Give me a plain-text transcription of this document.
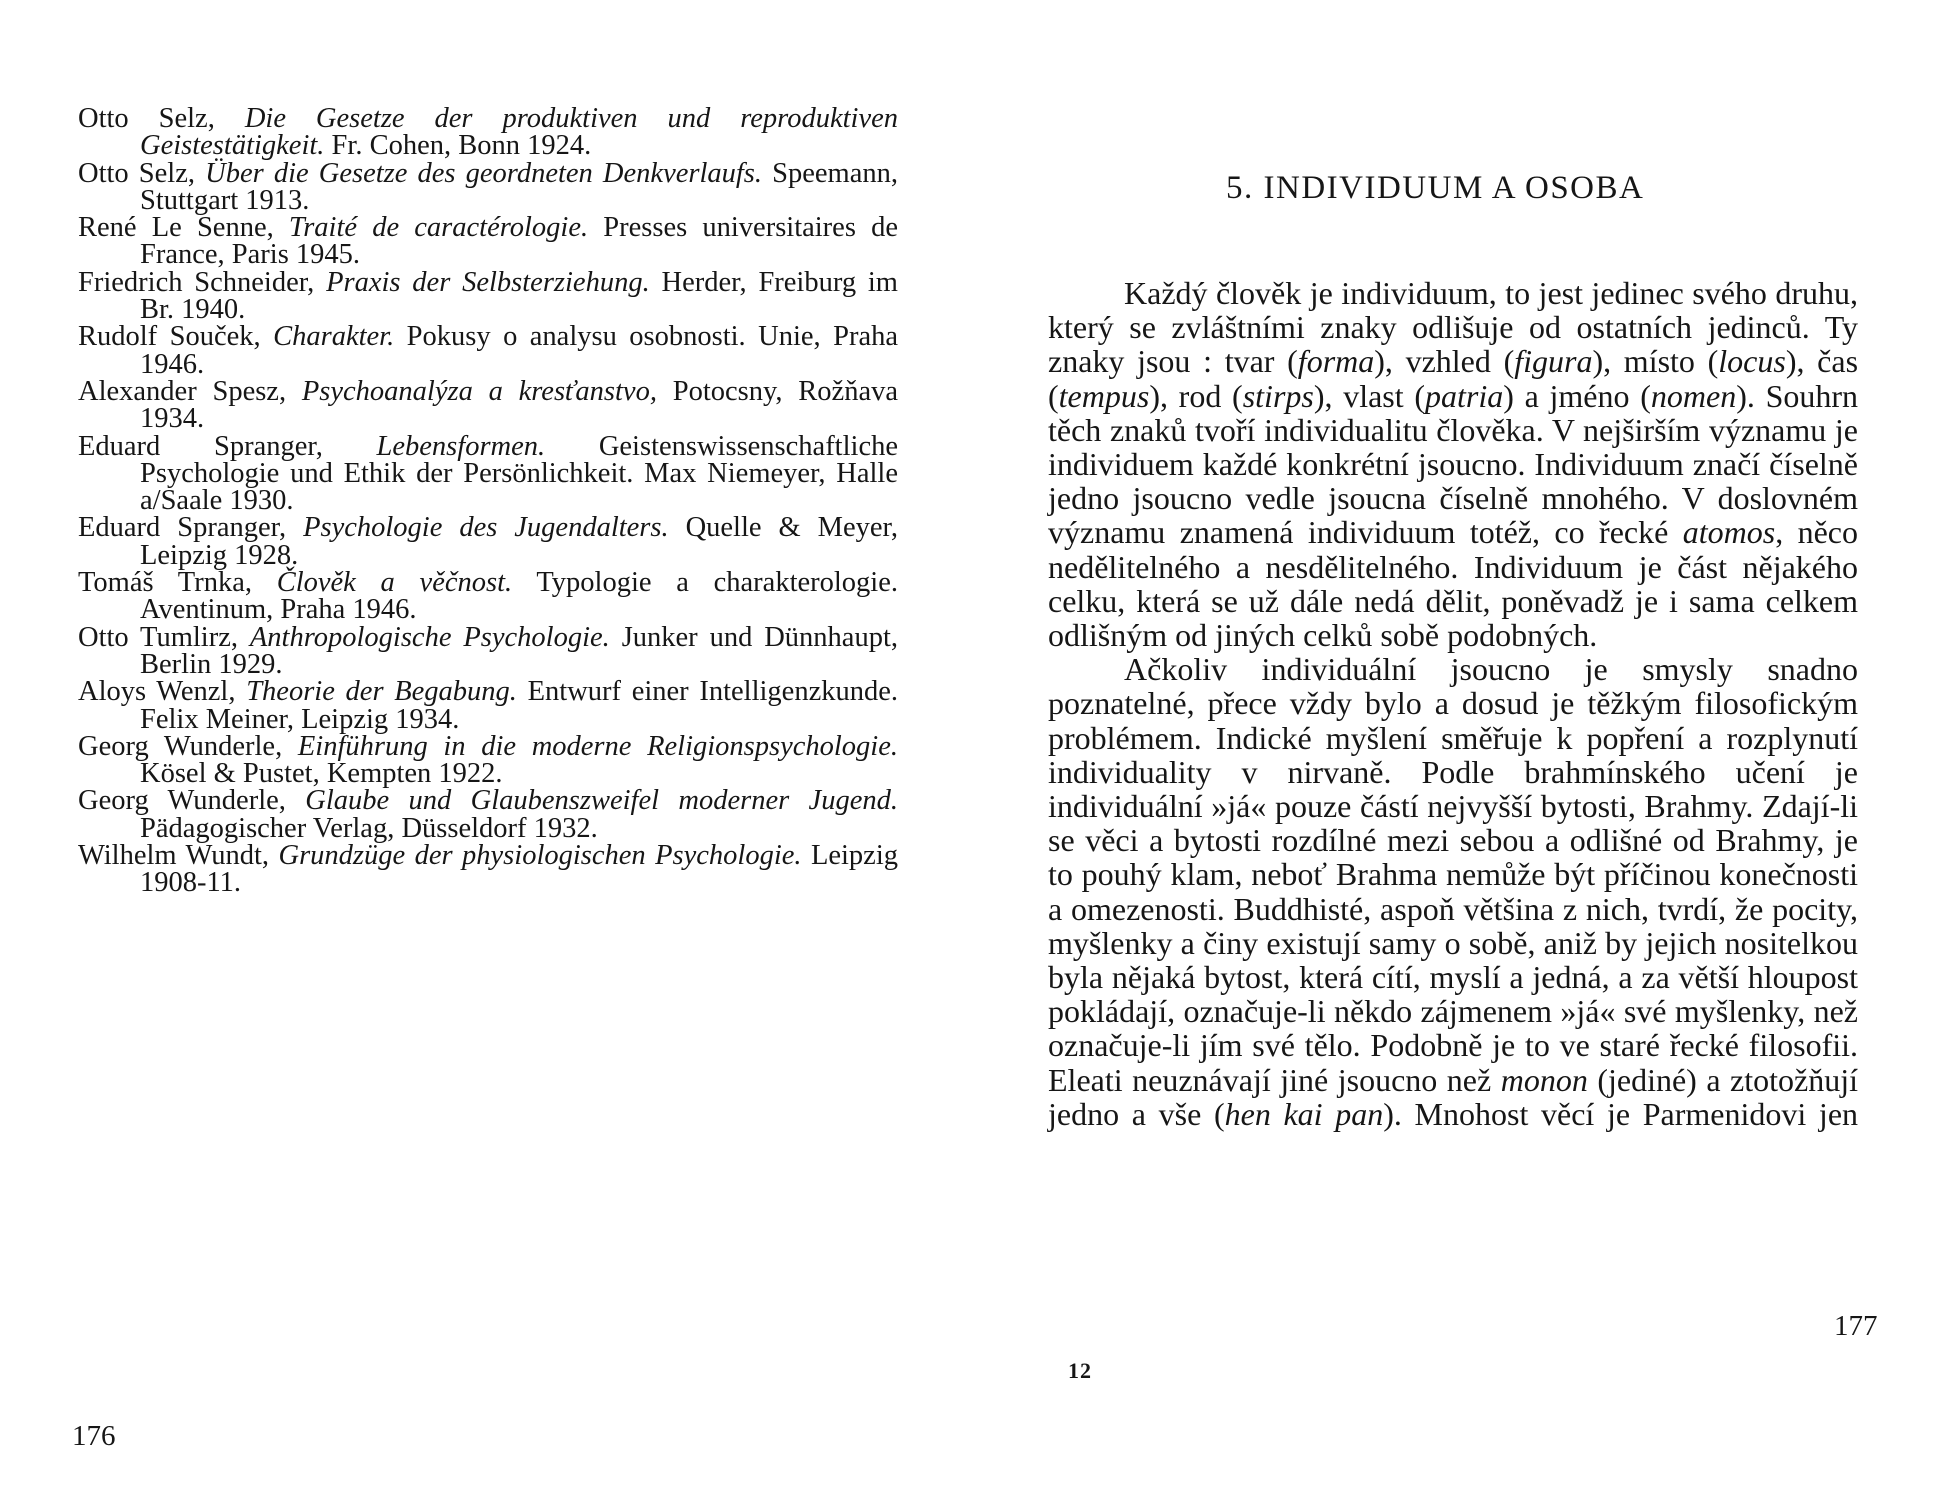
Otto Selz, Die Gesetze der produktiven und reproduktiven Geistestätigkeit. Fr. Cohen, Bonn 1924.
Otto Selz, Über die Gesetze des geordneten Denkverlaufs. Speemann, Stuttgart 1913.
René Le Senne, Traité de caractérologie. Presses universitaires de France, Paris 1945.
Friedrich Schneider, Praxis der Selbsterziehung. Herder, Freiburg im Br. 1940.
Rudolf Souček, Charakter. Pokusy o analysu osobnosti. Unie, Praha 1946.
Alexander Spesz, Psychoanalýza a kresťanstvo, Potocsny, Rožňava 1934.
Eduard Spranger, Lebensformen. Geistenswissenschaftliche Psychologie und Ethik der Persönlichkeit. Max Niemeyer, Halle a/Saale 1930.
Eduard Spranger, Psychologie des Jugendalters. Quelle & Meyer, Leipzig 1928.
Tomáš Trnka, Člověk a věčnost. Typologie a charakterologie. Aventinum, Praha 1946.
Otto Tumlirz, Anthropologische Psychologie. Junker und Dünnhaupt, Berlin 1929.
Aloys Wenzl, Theorie der Begabung. Entwurf einer Intelligenzkunde. Felix Meiner, Leipzig 1934.
Georg Wunderle, Einführung in die moderne Religionspsychologie. Kösel & Pustet, Kempten 1922.
Georg Wunderle, Glaube und Glaubenszweifel moderner Jugend. Pädagogischer Verlag, Düsseldorf 1932.
Wilhelm Wundt, Grundzüge der physiologischen Psychologie. Leipzig 1908-11.
176
5. INDIVIDUUM A OSOBA

Každý člověk je individuum, to jest jedinec svého druhu, který se zvláštními znaky odlišuje od ostatních jedinců. Ty znaky jsou : tvar (forma), vzhled (figura), místo (locus), čas (tempus), rod (stirps), vlast (patria) a jméno (nomen). Souhrn těch znaků tvoří individualitu člověka. V nejširším významu je individuem každé konkrétní jsoucno. Individuum značí číselně jedno jsoucno vedle jsoucna číselně mnohého. V doslovném významu znamená individuum totéž, co řecké atomos, něco nedělitelného a nesdělitelného. Individuum je část nějakého celku, která se už dále nedá dělit, poněvadž je i sama celkem odlišným od jiných celků sobě podobných.

Ačkoliv individuální jsoucno je smysly snadno poznatelné, přece vždy bylo a dosud je těžkým filosofickým problémem. Indické myšlení směřuje k popření a rozplynutí individuality v nirvaně. Podle brahmínského učení je individuální »já« pouze částí nejvyšší bytosti, Brahmy. Zdají-li se věci a bytosti rozdílné mezi sebou a odlišné od Brahmy, je to pouhý klam, neboť Brahma nemůže být příčinou konečnosti a omezenosti. Buddhisté, aspoň většina z nich, tvrdí, že pocity, myšlenky a činy existují samy o sobě, aniž by jejich nositelkou byla nějaká bytost, která cítí, myslí a jedná, a za větší hloupost pokládají, označuje-li někdo zájmenem »já« své myšlenky, než označuje-li jím své tělo. Podobně je to ve staré řecké filosofii. Eleati neuznávají jiné jsoucno než monon (jediné) a ztotožňují jedno a vše (hen kai pan). Mnohost věcí je Parmenidovi jen

177
12
